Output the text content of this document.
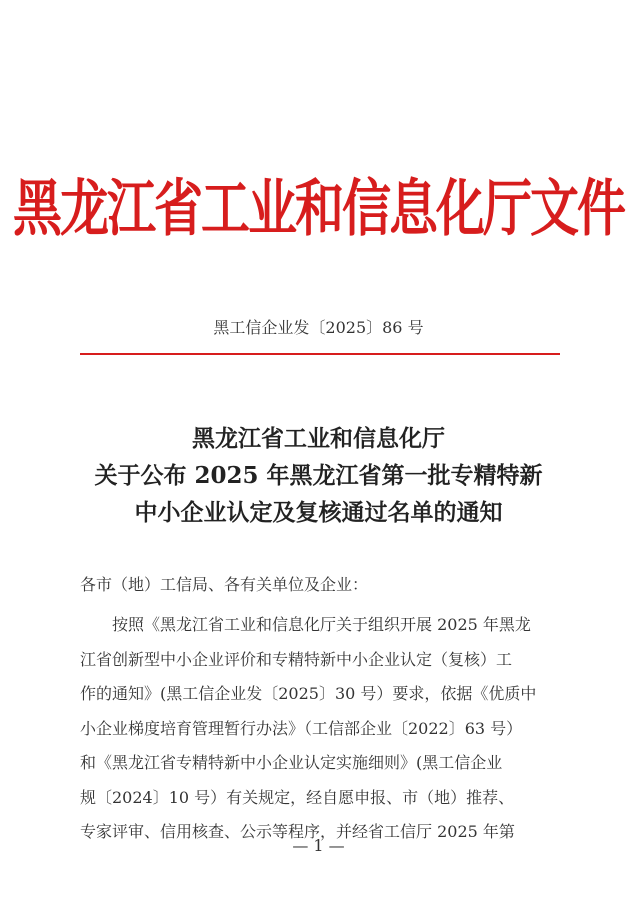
黑龙江省工业和信息化厅文件
黑工信企业发〔2025〕86 号
黑龙江省工业和信息化厅
关于公布 2025 年黑龙江省第一批专精特新
中小企业认定及复核通过名单的通知
各市（地）工信局、各有关单位及企业：
按照《黑龙江省工业和信息化厅关于组织开展 2025 年黑龙
江省创新型中小企业评价和专精特新中小企业认定（复核）工
作的通知》(黑工信企业发〔2025〕30 号）要求，依据《优质中
小企业梯度培育管理暂行办法》（工信部企业〔2022〕63 号）
和《黑龙江省专精特新中小企业认定实施细则》(黑工信企业
规〔2024〕10 号）有关规定，经自愿申报、市（地）推荐、
专家评审、信用核查、公示等程序，并经省工信厅 2025 年第
— 1 —
